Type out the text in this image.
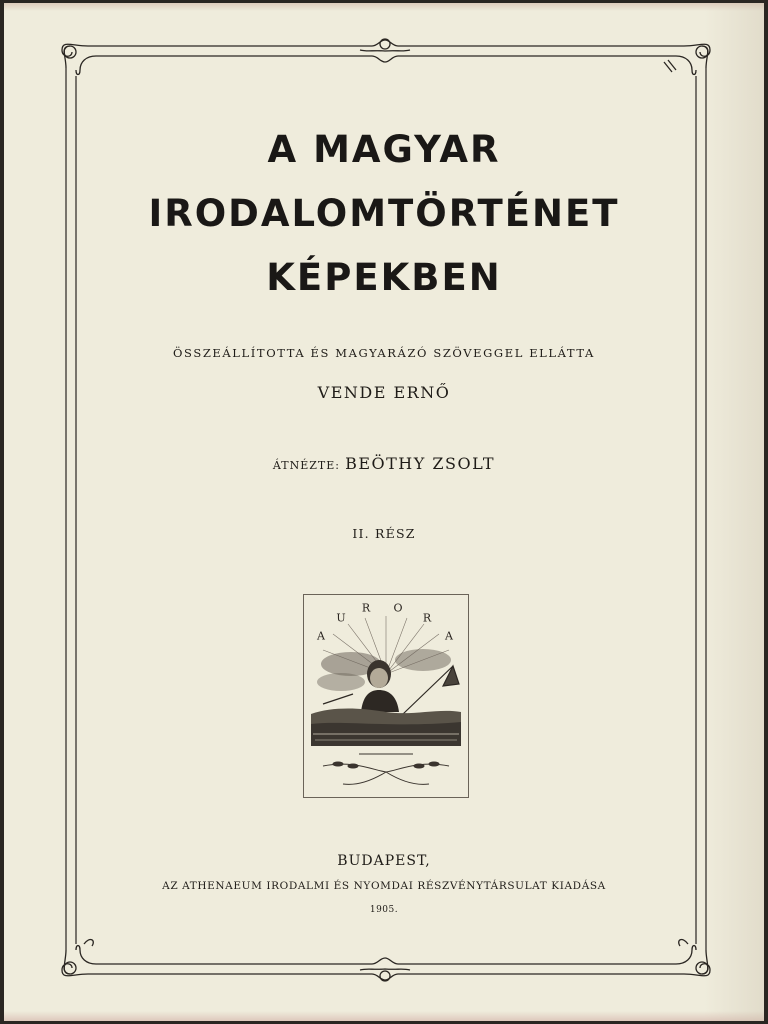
A MAGYAR
IRODALOMTÖRTÉNET
KÉPEKBEN

ÖSSZEÁLLÍTOTTA ÉS MAGYARÁZÓ SZÖVEGGEL ELLÁTTA

VENDE ERNŐ

ÁTNÉZTE: BEÖTHY ZSOLT

II. RÉSZ

A
U
R O
R
A

BUDAPEST,

AZ ATHENAEUM IRODALMI ÉS NYOMDAI RÉSZVÉNYTÁRSULAT KIADÁSA

1905.
